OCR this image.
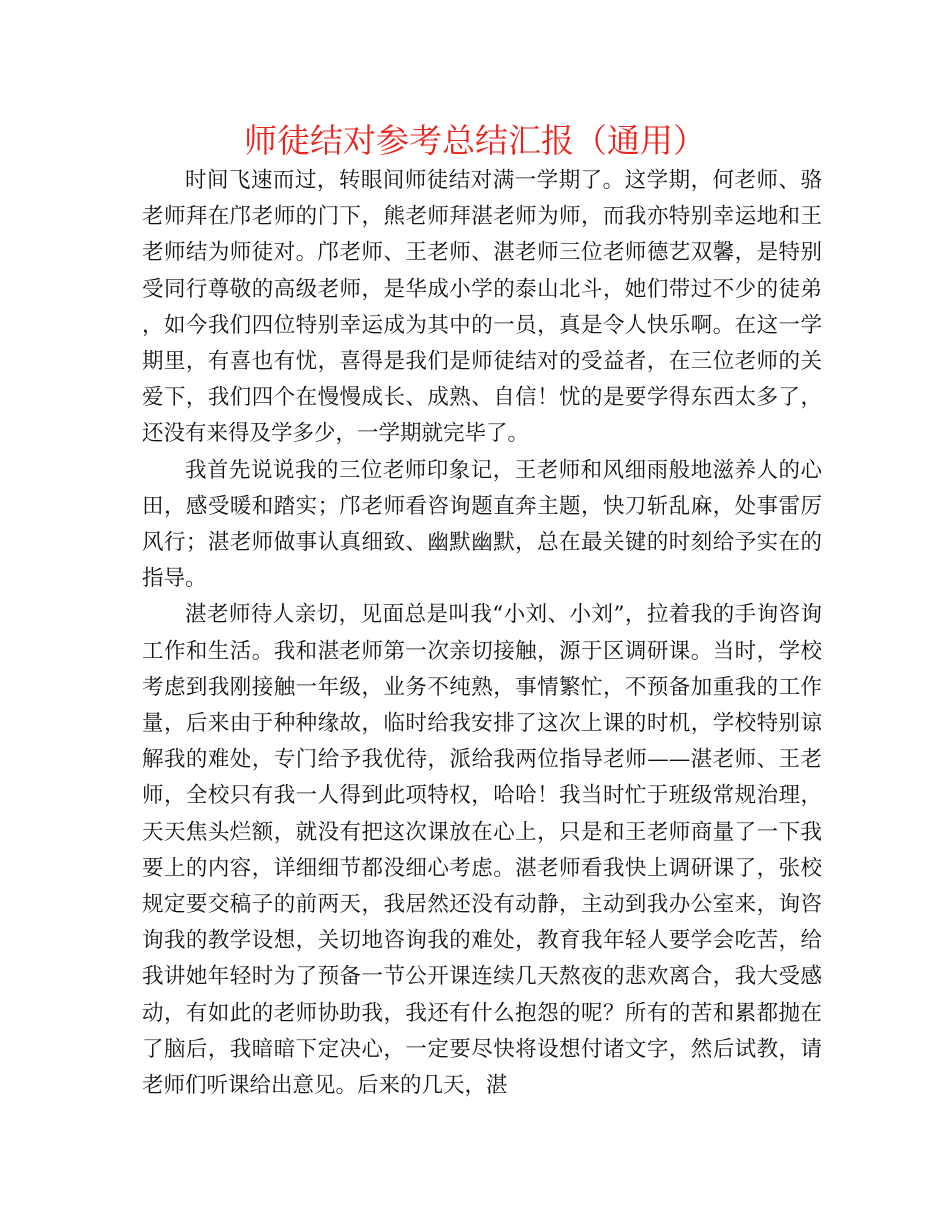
师徒结对参考总结汇报（通用）

时间飞速而过，转眼间师徒结对满一学期了。这学期，何老师、骆老师拜在邝老师的门下，熊老师拜湛老师为师，而我亦特别幸运地和王老师结为师徒对。邝老师、王老师、湛老师三位老师德艺双馨，是特别受同行尊敬的高级老师，是华成小学的泰山北斗，她们带过不少的徒弟，如今我们四位特别幸运成为其中的一员，真是令人快乐啊。在这一学期里，有喜也有忧，喜得是我们是师徒结对的受益者，在三位老师的关爱下，我们四个在慢慢成长、成熟、自信！忧的是要学得东西太多了，还没有来得及学多少，一学期就完毕了。

我首先说说我的三位老师印象记，王老师和风细雨般地滋养人的心田，感受暖和踏实；邝老师看咨询题直奔主题，快刀斩乱麻，处事雷厉风行；湛老师做事认真细致、幽默幽默，总在最关键的时刻给予实在的指导。

湛老师待人亲切，见面总是叫我“小刘、小刘”，拉着我的手询咨询工作和生活。我和湛老师第一次亲切接触，源于区调研课。当时，学校考虑到我刚接触一年级，业务不纯熟，事情繁忙，不预备加重我的工作量，后来由于种种缘故，临时给我安排了这次上课的时机，学校特别谅解我的难处，专门给予我优待，派给我两位指导老师——湛老师、王老师，全校只有我一人得到此项特权，哈哈！我当时忙于班级常规治理，天天焦头烂额，就没有把这次课放在心上，只是和王老师商量了一下我要上的内容，详细细节都没细心考虑。湛老师看我快上调研课了，张校规定要交稿子的前两天，我居然还没有动静，主动到我办公室来，询咨询我的教学设想，关切地咨询我的难处，教育我年轻人要学会吃苦，给我讲她年轻时为了预备一节公开课连续几天熬夜的悲欢离合，我大受感动，有如此的老师协助我，我还有什么抱怨的呢？所有的苦和累都抛在了脑后，我暗暗下定决心，一定要尽快将设想付诸文字，然后试教，请老师们听课给出意见。后来的几天，湛
